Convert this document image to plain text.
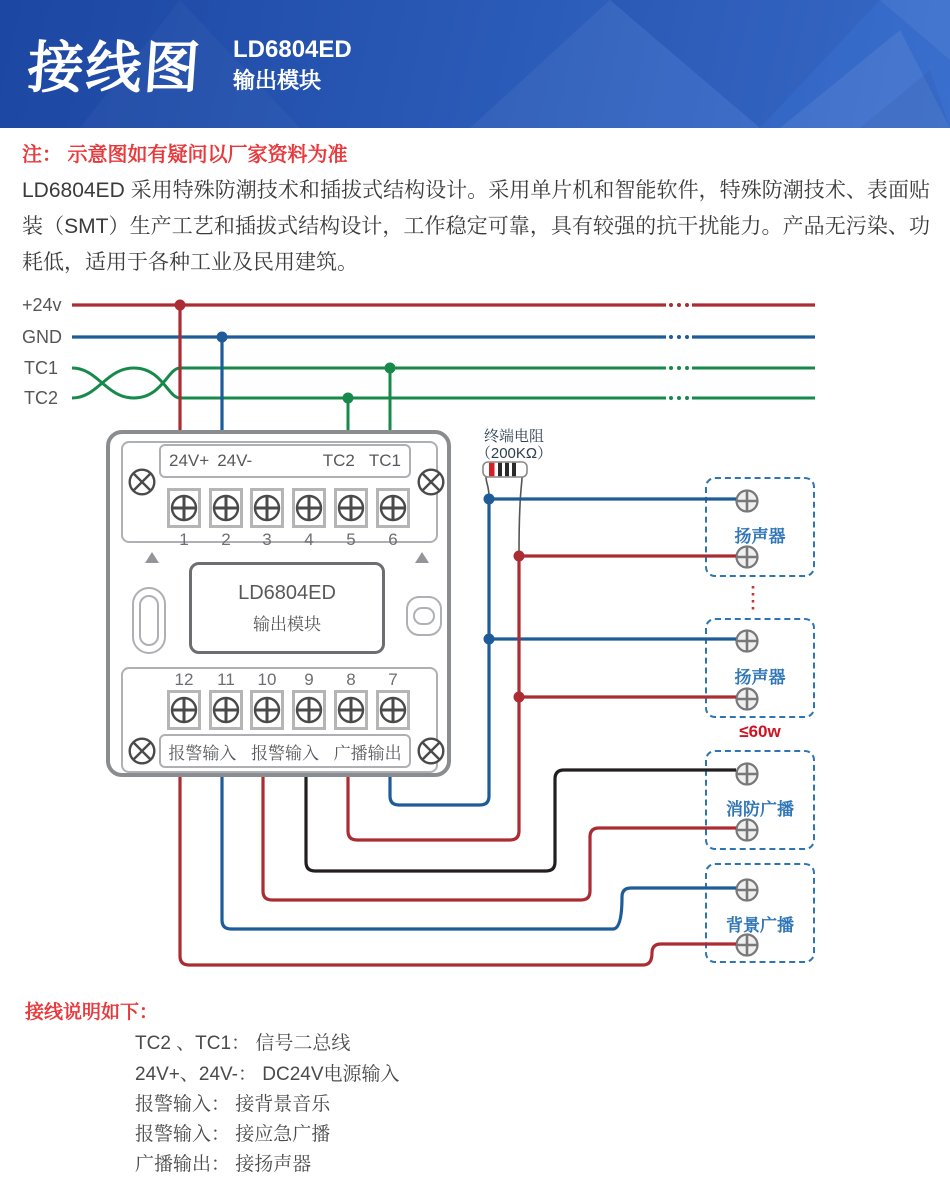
接线图 LD6804ED
输出模块
注： 示意图如有疑问以厂家资料为准
LD6804ED 采用特殊防潮技术和插拔式结构设计。采用单片机和智能软件，特殊防潮技术、表面贴装（SMT）生产工艺和插拔式结构设计，工作稳定可靠，具有较强的抗干扰能力。产品无污染、功耗低，适用于各种工业及民用建筑。
+24v
GND
TC1
TC2
扬声器
扬声器
≤60w
消防广播
背景广播
终端电阻
（200KΩ）
24V+ 24V-	TC2 TC1
1	2	3	4	5	6
LD6804ED
输出模块
12	11	10	9	8	7
报警输入 报警输入 广播输出
接线说明如下：
TC2 、TC1： 信号二总线
24V+、24V-： DC24V电源输入
报警输入： 接背景音乐
报警输入： 接应急广播
广播输出： 接扬声器
